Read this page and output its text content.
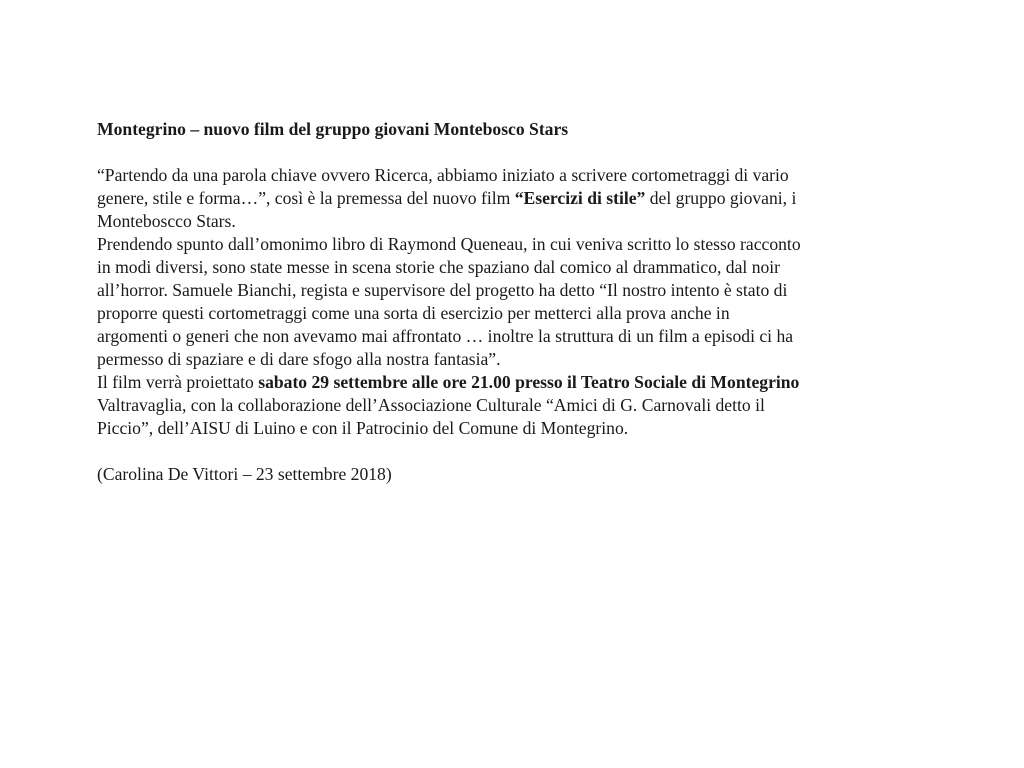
Montegrino – nuovo film del gruppo giovani Montebosco Stars
“Partendo da una parola chiave ovvero Ricerca, abbiamo iniziato a scrivere cortometraggi di vario
genere, stile e forma…”, così è la premessa del nuovo film “Esercizi di stile” del gruppo giovani, i
Monteboscco Stars.
Prendendo spunto dall’omonimo libro di Raymond Queneau, in cui veniva scritto lo stesso racconto
in modi diversi, sono state messe in scena storie che spaziano dal comico al drammatico, dal noir
all’horror. Samuele Bianchi, regista e supervisore del progetto ha detto “Il nostro intento è stato di
proporre questi cortometraggi come una sorta di esercizio per metterci alla prova anche in
argomenti o generi che non avevamo mai affrontato … inoltre la struttura di un film a episodi ci ha
permesso di spaziare e di dare sfogo alla nostra fantasia”.
Il film verrà proiettato sabato 29 settembre alle ore 21.00 presso il Teatro Sociale di Montegrino
Valtravaglia, con la collaborazione dell’Associazione Culturale “Amici di G. Carnovali detto il
Piccio”, dell’AISU di Luino e con il Patrocinio del Comune di Montegrino.
(Carolina De Vittori – 23 settembre 2018)
